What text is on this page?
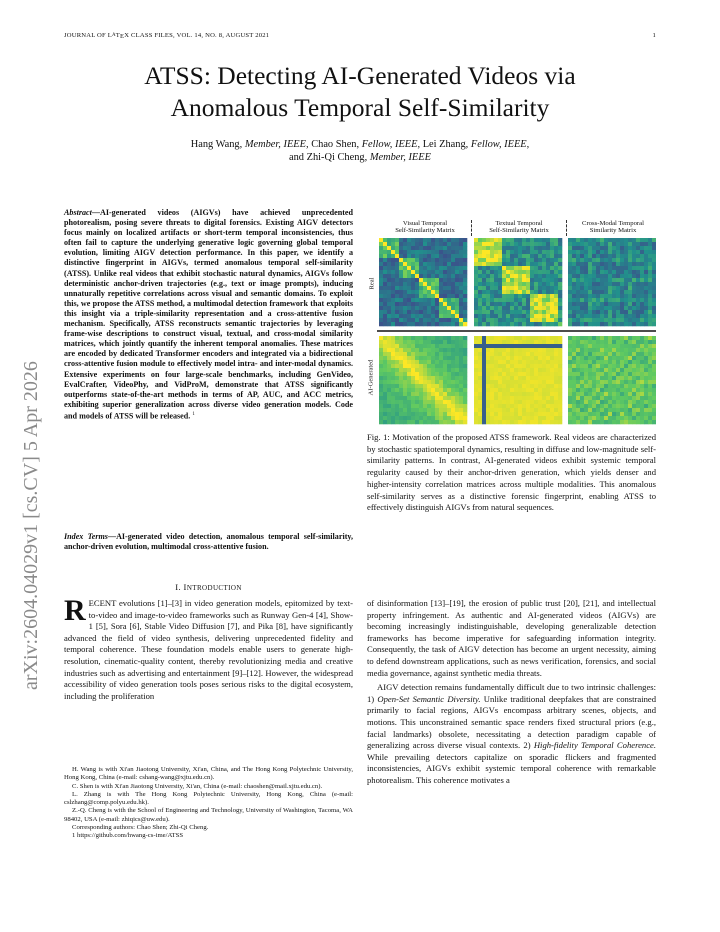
JOURNAL OF LATEX CLASS FILES, VOL. 14, NO. 8, AUGUST 2021	1
arXiv:2604.04029v1 [cs.CV] 5 Apr 2026
ATSS: Detecting AI-Generated Videos via
Anomalous Temporal Self-Similarity
Hang Wang, Member, IEEE, Chao Shen, Fellow, IEEE, Lei Zhang, Fellow, IEEE,
and Zhi-Qi Cheng, Member, IEEE
Abstract—AI-generated videos (AIGVs) have achieved unprecedented photorealism, posing severe threats to digital forensics. Existing AIGV detectors focus mainly on localized artifacts or short-term temporal inconsistencies, thus often fail to capture the underlying generative logic governing global temporal evolution, limiting AIGV detection performance. In this paper, we identify a distinctive fingerprint in AIGVs, termed anomalous temporal self-similarity (ATSS). Unlike real videos that exhibit stochastic natural dynamics, AIGVs follow deterministic anchor-driven trajectories (e.g., text or image prompts), inducing unnaturally repetitive correlations across visual and semantic domains. To exploit this, we propose the ATSS method, a multimodal detection framework that exploits this insight via a triple-similarity representation and a cross-attentive fusion mechanism. Specifically, ATSS reconstructs semantic trajectories by leveraging frame-wise descriptions to construct visual, textual, and cross-modal similarity matrices, which jointly quantify the inherent temporal anomalies. These matrices are encoded by dedicated Transformer encoders and integrated via a bidirectional cross-attentive fusion module to effectively model intra- and inter-modal dynamics. Extensive experiments on four large-scale benchmarks, including GenVideo, EvalCrafter, VideoPhy, and VidProM, demonstrate that ATSS significantly outperforms state-of-the-art methods in terms of AP, AUC, and ACC metrics, exhibiting superior generalization across diverse video generation models. Code and models of ATSS will be released. $^1$
Index Terms—AI-generated video detection, anomalous temporal self-similarity, anchor-driven evolution, multimodal cross-attentive fusion.
I. INTRODUCTION
RECENT evolutions [1]–[3] in video generation models, epitomized by text-to-video and image-to-video frameworks such as Runway Gen-4 [4], Show-1 [5], Sora [6], Stable Video Diffusion [7], and Pika [8], have significantly advanced the field of video synthesis, delivering unprecedented fidelity and temporal coherence. These foundation models enable users to generate high-resolution, cinematic-quality content, thereby revolutionizing media and creative industries such as advertising and entertainment [9]–[12]. However, the widespread accessibility of video generation tools poses serious risks to the digital ecosystem, including the proliferation

H. Wang is with Xi'an Jiaotong University, Xi'an, China, and The Hong Kong Polytechnic University, Hong Kong, China (e-mail: cshang-wang@xjtu.edu.cn).

C. Shen is with Xi'an Jiaotong University, Xi'an, China (e-mail: chaoshen@mail.xjtu.edu.cn).

L. Zhang is with The Hong Kong Polytechnic University, Hong Kong, China (e-mail: cslzhang@comp.polyu.edu.hk).

Z.-Q. Cheng is with the School of Engineering and Technology, University of Washington, Tacoma, WA 98402, USA (e-mail: zhiqics@uw.edu).

Corresponding authors: Chao Shen; Zhi-Qi Cheng.

1 https://github.com/hwang-cs-ime/ATSS

of disinformation [13]–[19], the erosion of public trust [20], [21], and intellectual property infringement. As authentic and AI-generated videos (AIGVs) are becoming increasingly indistinguishable, developing generalizable detection frameworks has become imperative for safeguarding information integrity. Consequently, the task of AIGV detection has become an urgent necessity, aiming to defend downstream applications, such as news verification, forensics, and social media governance, against synthetic media threats.

AIGV detection remains fundamentally difficult due to two intrinsic challenges: 1) Open-Set Semantic Diversity. Unlike traditional deepfakes that are constrained primarily to facial regions, AIGVs encompass arbitrary scenes, objects, and motions. This unconstrained semantic space renders fixed structural priors (e.g., facial landmarks) obsolete, necessitating a detection paradigm capable of generalizing across diverse visual contexts. 2) High-fidelity Temporal Coherence. While prevailing detectors capitalize on sporadic flickers and fragmented inconsistencies, AIGVs exhibit systemic temporal coherence with remarkable photorealism. This coherence motivates a

Visual Temporal
Self-Similarity Matrix
Textual Temporal
Self-Similarity Matrix
Cross-Modal Temporal
Similarity Matrix
Real
AI-Generated
Fig. 1: Motivation of the proposed ATSS framework. Real videos are characterized by stochastic spatiotemporal dynamics, resulting in diffuse and low-magnitude self-similarity patterns. In contrast, AI-generated videos exhibit systemic temporal regularity caused by their anchor-driven generation, which yields denser and higher-intensity correlation matrices across multiple modalities. This anomalous self-similarity serves as a distinctive forensic fingerprint, enabling ATSS to effectively distinguish AIGVs from natural sequences.
